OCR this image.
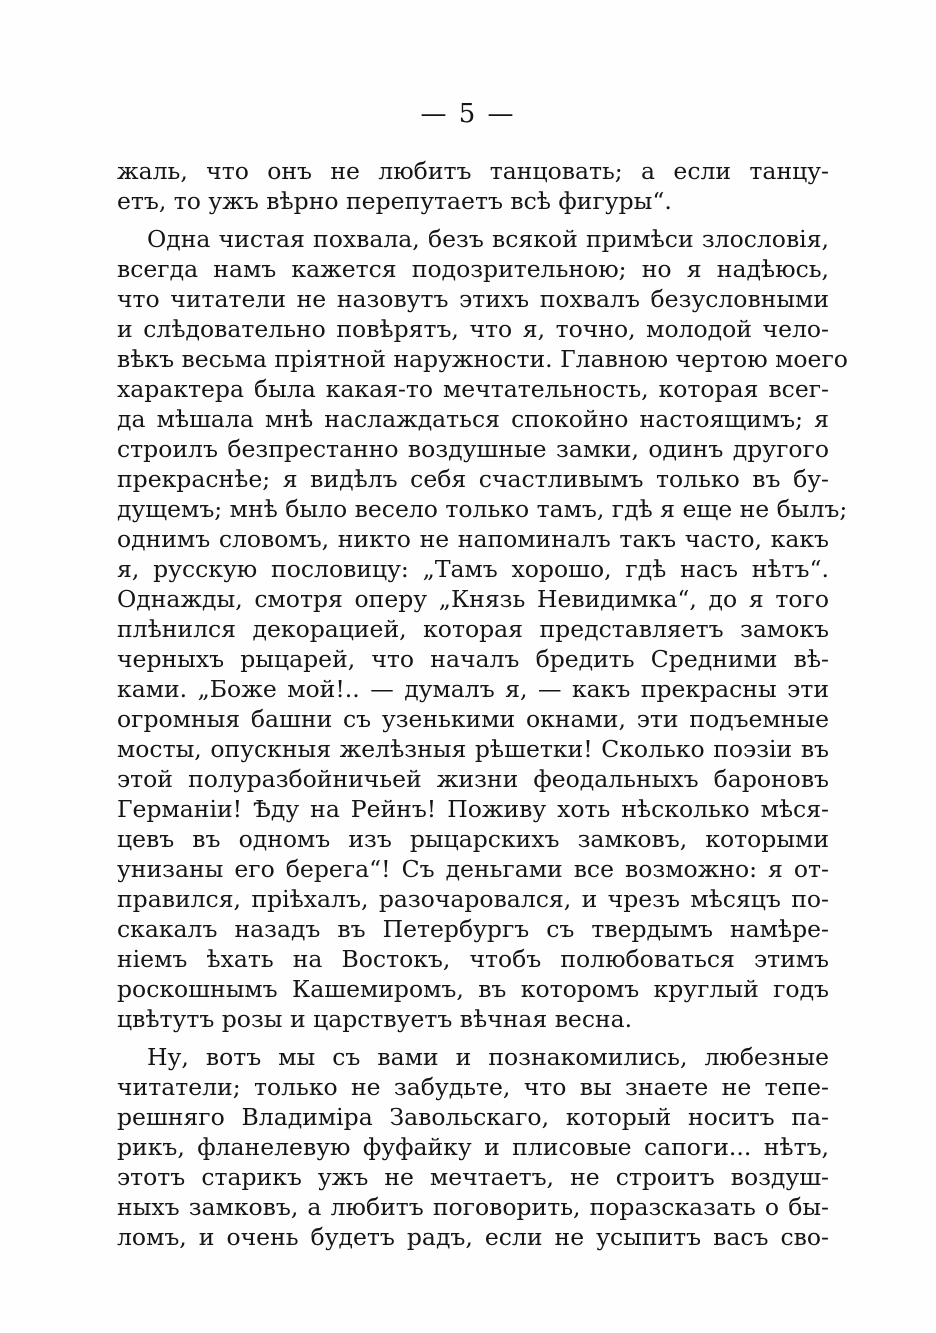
— 5 —
жаль, что онъ не любитъ танцовать; а если танцу-
етъ, то ужъ вѣрно перепутаетъ всѣ фигуры“.
Одна чистая похвала, безъ всякой примѣси злословія,
всегда намъ кажется подозрительною; но я надѣюсь,
что читатели не назовутъ этихъ похвалъ безусловными
и слѣдовательно повѣрятъ, что я, точно, молодой чело-
вѣкъ весьма пріятной наружности. Главною чертою моего
характера была какая-то мечтательность, которая всег-
да мѣшала мнѣ наслаждаться спокойно настоящимъ; я
строилъ безпрестанно воздушные замки, одинъ другого
прекраснѣе; я видѣлъ себя счастливымъ только въ бу-
дущемъ; мнѣ было весело только тамъ, гдѣ я еще не былъ;
однимъ словомъ, никто не напоминалъ такъ часто, какъ
я, русскую пословицу: „Тамъ хорошо, гдѣ насъ нѣтъ“.
Однажды, смотря оперу „Князь Невидимка“, до я того
плѣнился декорацией, которая представляетъ замокъ
черныхъ рыцарей, что началъ бредить Средними вѣ-
ками. „Боже мой!.. — думалъ я, — какъ прекрасны эти
огромныя башни съ узенькими окнами, эти подъемные
мосты, опускныя желѣзныя рѣшетки! Сколько поэзіи въ
этой полуразбойничьей жизни феодальныхъ бароновъ
Германіи! Ѣду на Рейнъ! Поживу хоть нѣсколько мѣся-
цевъ въ одномъ изъ рыцарскихъ замковъ, которыми
унизаны его берега“! Съ деньгами все возможно: я от-
правился, пріѣхалъ, разочаровался, и чрезъ мѣсяцъ по-
скакалъ назадъ въ Петербургъ съ твердымъ намѣре-
ніемъ ѣхать на Востокъ, чтобъ полюбоваться этимъ
роскошнымъ Кашемиромъ, въ которомъ круглый годъ
цвѣтутъ розы и царствуетъ вѣчная весна.
Ну, вотъ мы съ вами и познакомились, любезные
читатели; только не забудьте, что вы знаете не тепе-
решняго Владиміра Завольскаго, который носитъ па-
рикъ, фланелевую фуфайку и плисовые сапоги... нѣтъ,
этотъ старикъ ужъ не мечтаетъ, не строитъ воздуш-
ныхъ замковъ, а любитъ поговорить, поразсказать о бы-
ломъ, и очень будетъ радъ, если не усыпитъ васъ сво-
